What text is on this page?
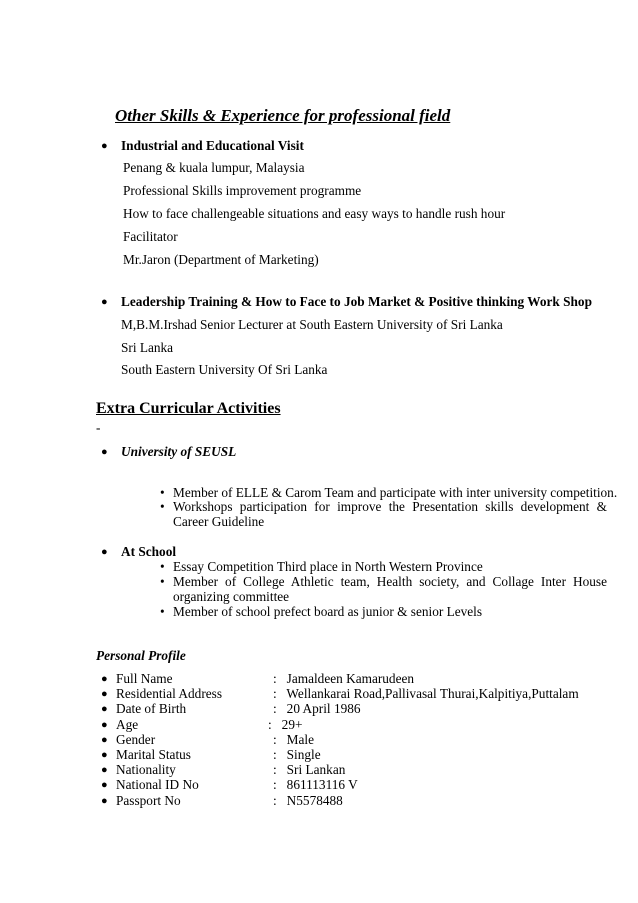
Other Skills & Experience for professional field
● Industrial and Educational Visit
Penang & kuala lumpur, Malaysia
Professional Skills improvement programme
How to face challengeable situations and easy ways to handle rush hour
Facilitator
Mr.Jaron (Department of Marketing)
● Leadership Training & How to Face to Job Market & Positive thinking Work Shop
M,B.M.Irshad Senior Lecturer at South Eastern University of Sri Lanka
Sri Lanka
South Eastern University Of Sri Lanka
Extra Curricular Activities
-
● University of SEUSL
• Member of ELLE & Carom Team and participate with inter university competition.
• Workshops participation for improve the Presentation skills development & Career Guideline
● At School
• Essay Competition Third place in North Western Province
• Member of College Athletic team, Health society, and Collage Inter House organizing committee
• Member of school prefect board as junior & senior Levels
Personal Profile
● Full Name	:   Jamaldeen Kamarudeen
● Residential Address	:   Wellankarai Road,Pallivasal Thurai,Kalpitiya,Puttalam
● Date of Birth	:   20 April 1986
● Age	:   29+
● Gender	:   Male
● Marital Status	:   Single
● Nationality	:   Sri Lankan
● National ID No	:   861113116 V
● Passport No	:   N5578488
